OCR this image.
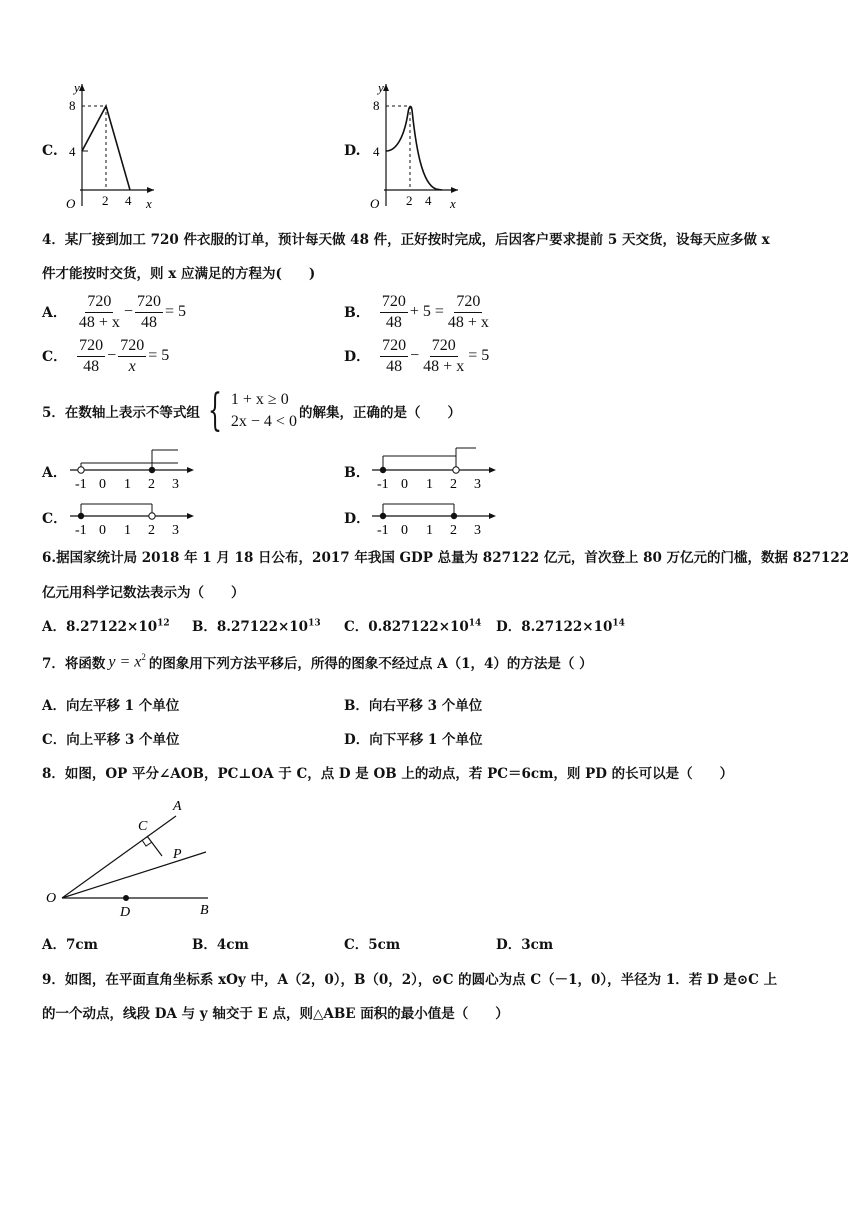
C.
y
8
4
O 2 4 x
D.
y
8
4
O 2 4 x
4．某厂接到加工 720 件衣服的订单，预计每天做 48 件，正好按时完成，后因客户要求提前 5 天交货，设每天应多做 x
件才能按时交货，则 x 应满足的方程为(　　)
A． $\frac{720}{48 + x} - \frac{720}{48} = 5$	B． $\frac{720}{48} + 5 = \frac{720}{48 + x}$
C． $\frac{720}{48} - \frac{720}{x} = 5$	D． $\frac{720}{48} - \frac{720}{48 + x} = 5$
5．在数轴上表示不等式组 { 1 + x ≥ 0
2x − 4 < 0 的解集，正确的是（　　）
A．
-1 0 1 2 3
B．
-1 0 1 2 3
C．
-1 0 1 2 3
D．
-1 0 1 2 3
6.据国家统计局 2018 年 1 月 18 日公布，2017 年我国 GDP 总量为 827122 亿元，首次登上 80 万亿元的门槛，数据 827122
亿元用科学记数法表示为（　　）
A．$8.27122\times 10^{12}$ B．$8.27122\times 10^{13}$ C．$0.827122\times 10^{14}$ D．$8.27122\times 10^{14}$
7．将函数 $y = x^2$ 的图象用下列方法平移后，所得的图象不经过点 A（1，4）的方法是（ ）
A．向左平移 1 个单位	B．向右平移 3 个单位
C．向上平移 3 个单位	D．向下平移 1 个单位
8．如图，OP 平分∠AOB，PC⊥OA 于 C，点 D 是 OB 上的动点，若 PC＝6cm，则 PD 的长可以是（　　）
A
C
P
O
D	B
A．7cm	B．4cm	C．5cm	D．3cm
9．如图，在平面直角坐标系 xOy 中，A（2，0），B（0，2），⊙C 的圆心为点 C（－1，0），半径为 1．若 D 是⊙C 上
的一个动点，线段 DA 与 y 轴交于 E 点，则△ABE 面积的最小值是（　　）
